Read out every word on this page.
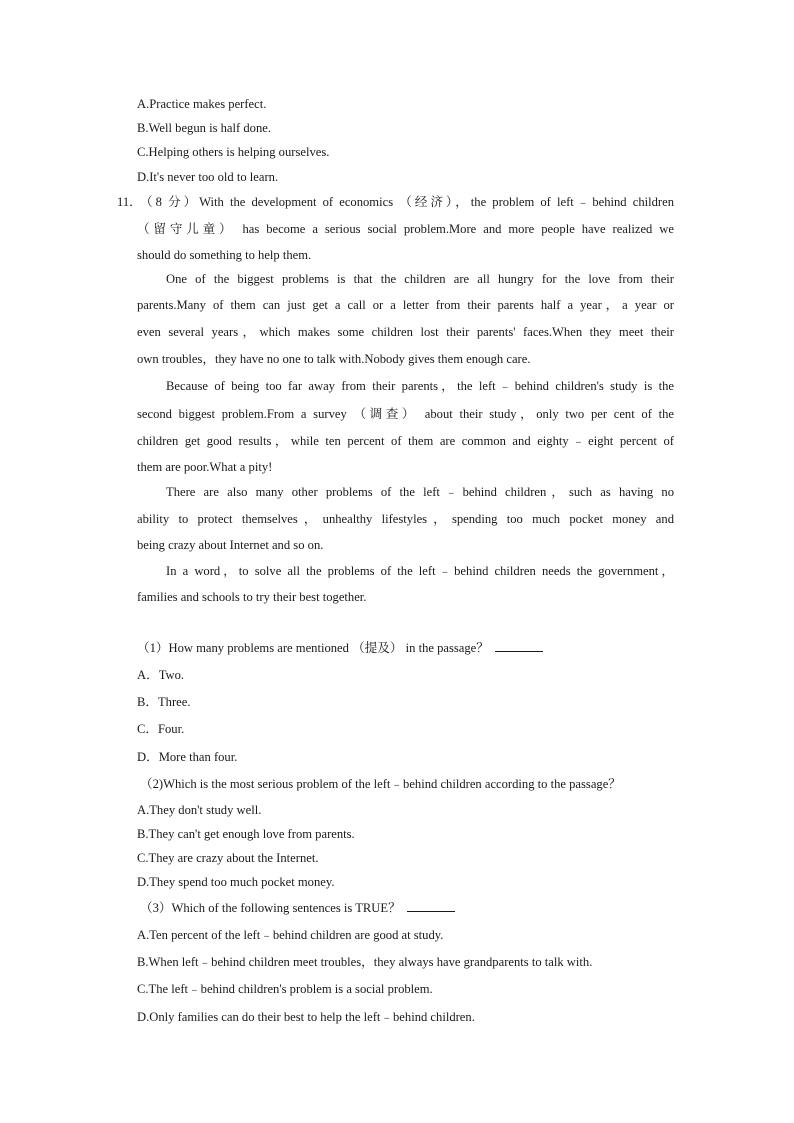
A.Practice makes perfect.
B.Well begun is half done.
C.Helping others is helping ourselves.
D.It's never too old to learn.
11．
（8 分）With the development of economics （经济），the problem of left﹣behind children
（留守儿童） has become a serious social problem.More and more people have realized we
should do something to help them.
One of the biggest problems is that the children are all hungry for the love from their
parents.Many of them can just get a call or a letter from their parents half a year，a year or
even several years，which makes some children lost their parents' faces.When they meet their
own troubles，they have no one to talk with.Nobody gives them enough care.
Because of being too far away from their parents，the left﹣behind children's study is the
second biggest problem.From a survey （调查） about their study，only two per cent of the
children get good results，while ten percent of them are common and eighty﹣eight percent of
them are poor.What a pity!
There are also many other problems of the left﹣behind children，such as having no
ability to protect themselves，unhealthy lifestyles，spending too much pocket money and
being crazy about Internet and so on.
In a word，to solve all the problems of the left﹣behind children needs the government，
families and schools to try their best together.
（1）How many problems are mentioned （提及） in the passage？
A．Two.
B．Three.
C．Four.
D．More than four.
（2)Which is the most serious problem of the left﹣behind children according to the passage？
A.They don't study well.
B.They can't get enough love from parents.
C.They are crazy about the Internet.
D.They spend too much pocket money.
（3）Which of the following sentences is TRUE？
A.Ten percent of the left﹣behind children are good at study.
B.When left﹣behind children meet troubles，they always have grandparents to talk with.
C.The left﹣behind children's problem is a social problem.
D.Only families can do their best to help the left﹣behind children.
